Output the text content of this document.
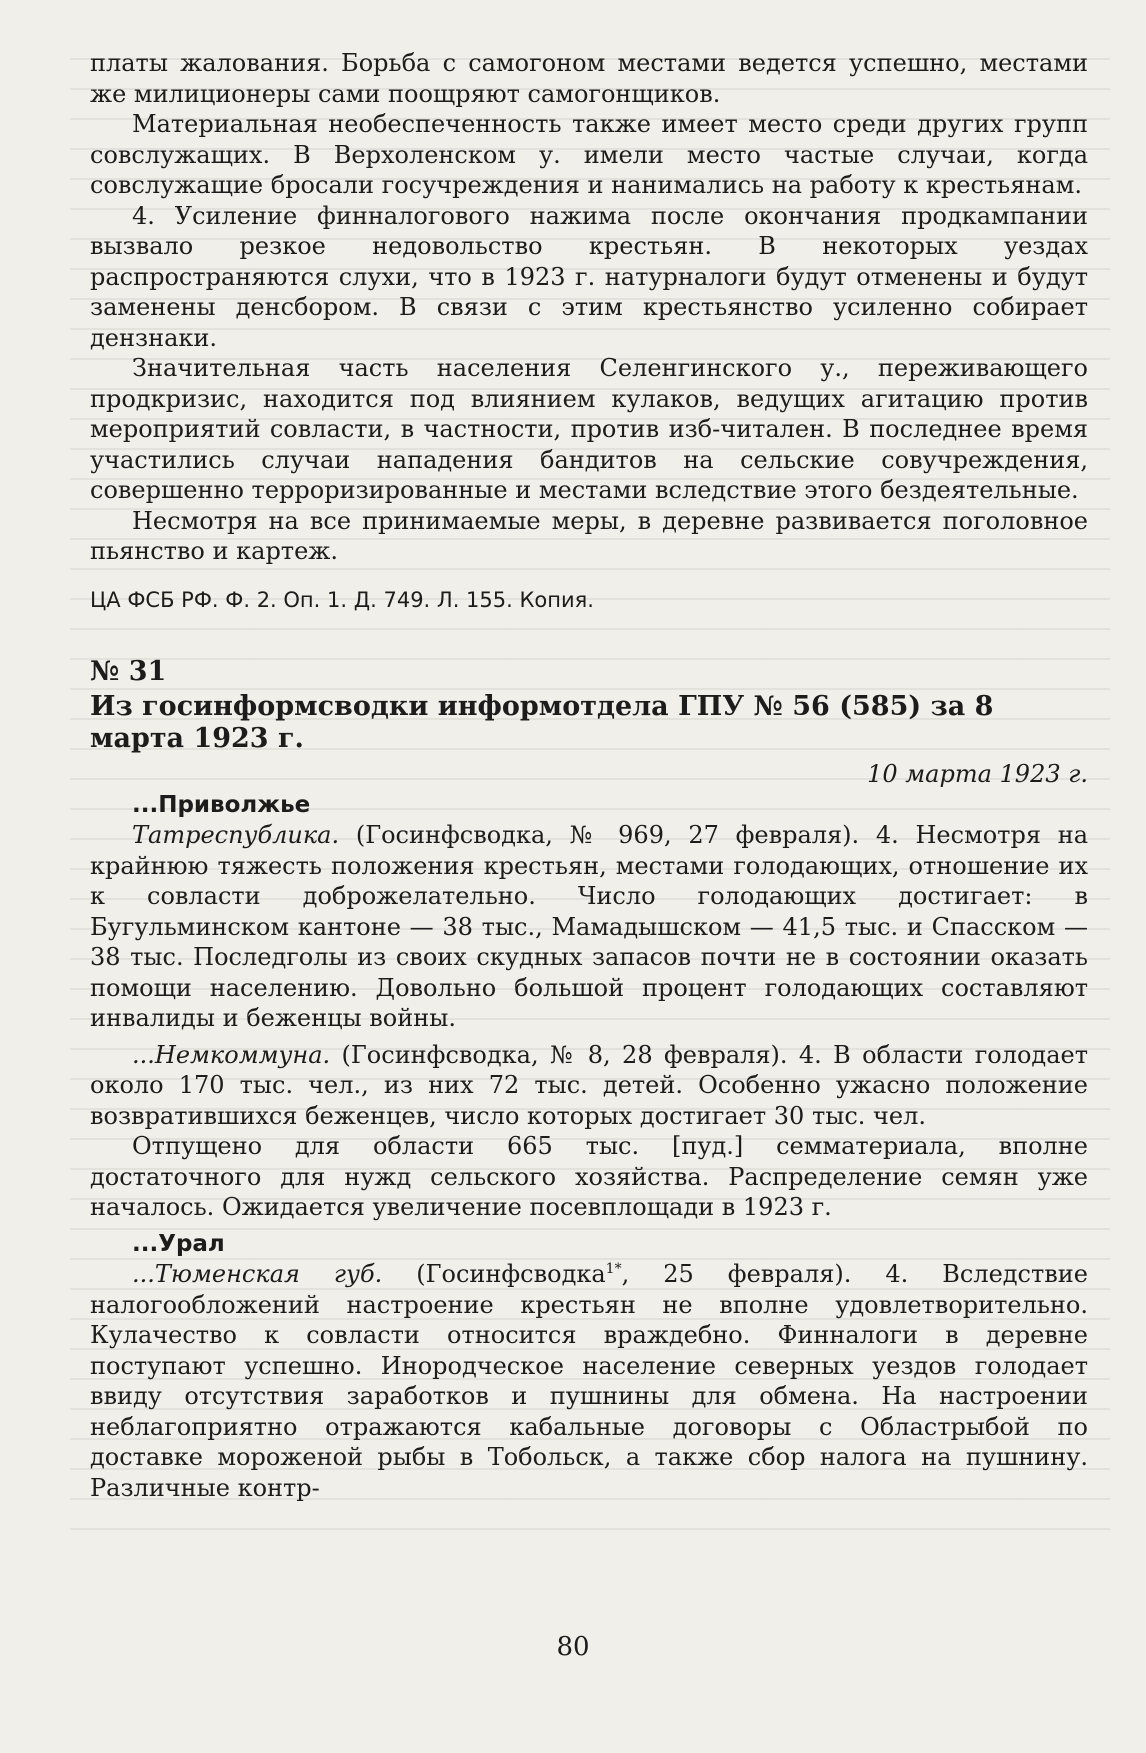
платы жалования. Борьба с самогоном местами ведется успешно, местами же милиционеры сами поощряют самогонщиков.

Материальная необеспеченность также имеет место среди других групп совслужащих. В Верхоленском у. имели место частые случаи, когда совслужащие бросали госучреждения и нанимались на работу к крестьянам.

4. Усиление финналогового нажима после окончания продкампании вызвало резкое недовольство крестьян. В некоторых уездах распространяются слухи, что в 1923 г. натурналоги будут отменены и будут заменены денсбором. В связи с этим крестьянство усиленно собирает дензнаки.

Значительная часть населения Селенгинского у., переживающего продкризис, находится под влиянием кулаков, ведущих агитацию против мероприятий совласти, в частности, против изб-читален. В последнее время участились случаи нападения бандитов на сельские совучреждения, совершенно терроризированные и местами вследствие этого бездеятельные.

Несмотря на все принимаемые меры, в деревне развивается поголовное пьянство и картеж.

ЦА ФСБ РФ. Ф. 2. Оп. 1. Д. 749. Л. 155. Копия.

№ 31

Из госинформсводки информотдела ГПУ № 56 (585) за 8 марта 1923 г.

10 марта 1923 г.

...Приволжье

Татреспублика. (Госинфсводка, № 969, 27 февраля). 4. Несмотря на крайнюю тяжесть положения крестьян, местами голодающих, отношение их к совласти доброжелательно. Число голодающих достигает: в Бугульминском кантоне — 38 тыс., Мамадышском — 41,5 тыс. и Спасском — 38 тыс. Последголы из своих скудных запасов почти не в состоянии оказать помощи населению. Довольно большой процент голодающих составляют инвалиды и беженцы войны.

...Немкоммуна. (Госинфсводка, № 8, 28 февраля). 4. В области голодает около 170 тыс. чел., из них 72 тыс. детей. Особенно ужасно положение возвратившихся беженцев, число которых достигает 30 тыс. чел.

Отпущено для области 665 тыс. [пуд.] семматериала, вполне достаточного для нужд сельского хозяйства. Распределение семян уже началось. Ожидается увеличение посевплощади в 1923 г.

...Урал

...Тюменская губ. (Госинфсводка$^{1*}$, 25 февраля). 4. Вследствие налогообложений настроение крестьян не вполне удовлетворительно. Кулачество к совласти относится враждебно. Финналоги в деревне поступают успешно. Инородческое население северных уездов голодает ввиду отсутствия заработков и пушнины для обмена. На настроении неблагоприятно отражаются кабальные договоры с Областрыбой по доставке мороженой рыбы в Тобольск, а также сбор налога на пушнину. Различные контр-

80
